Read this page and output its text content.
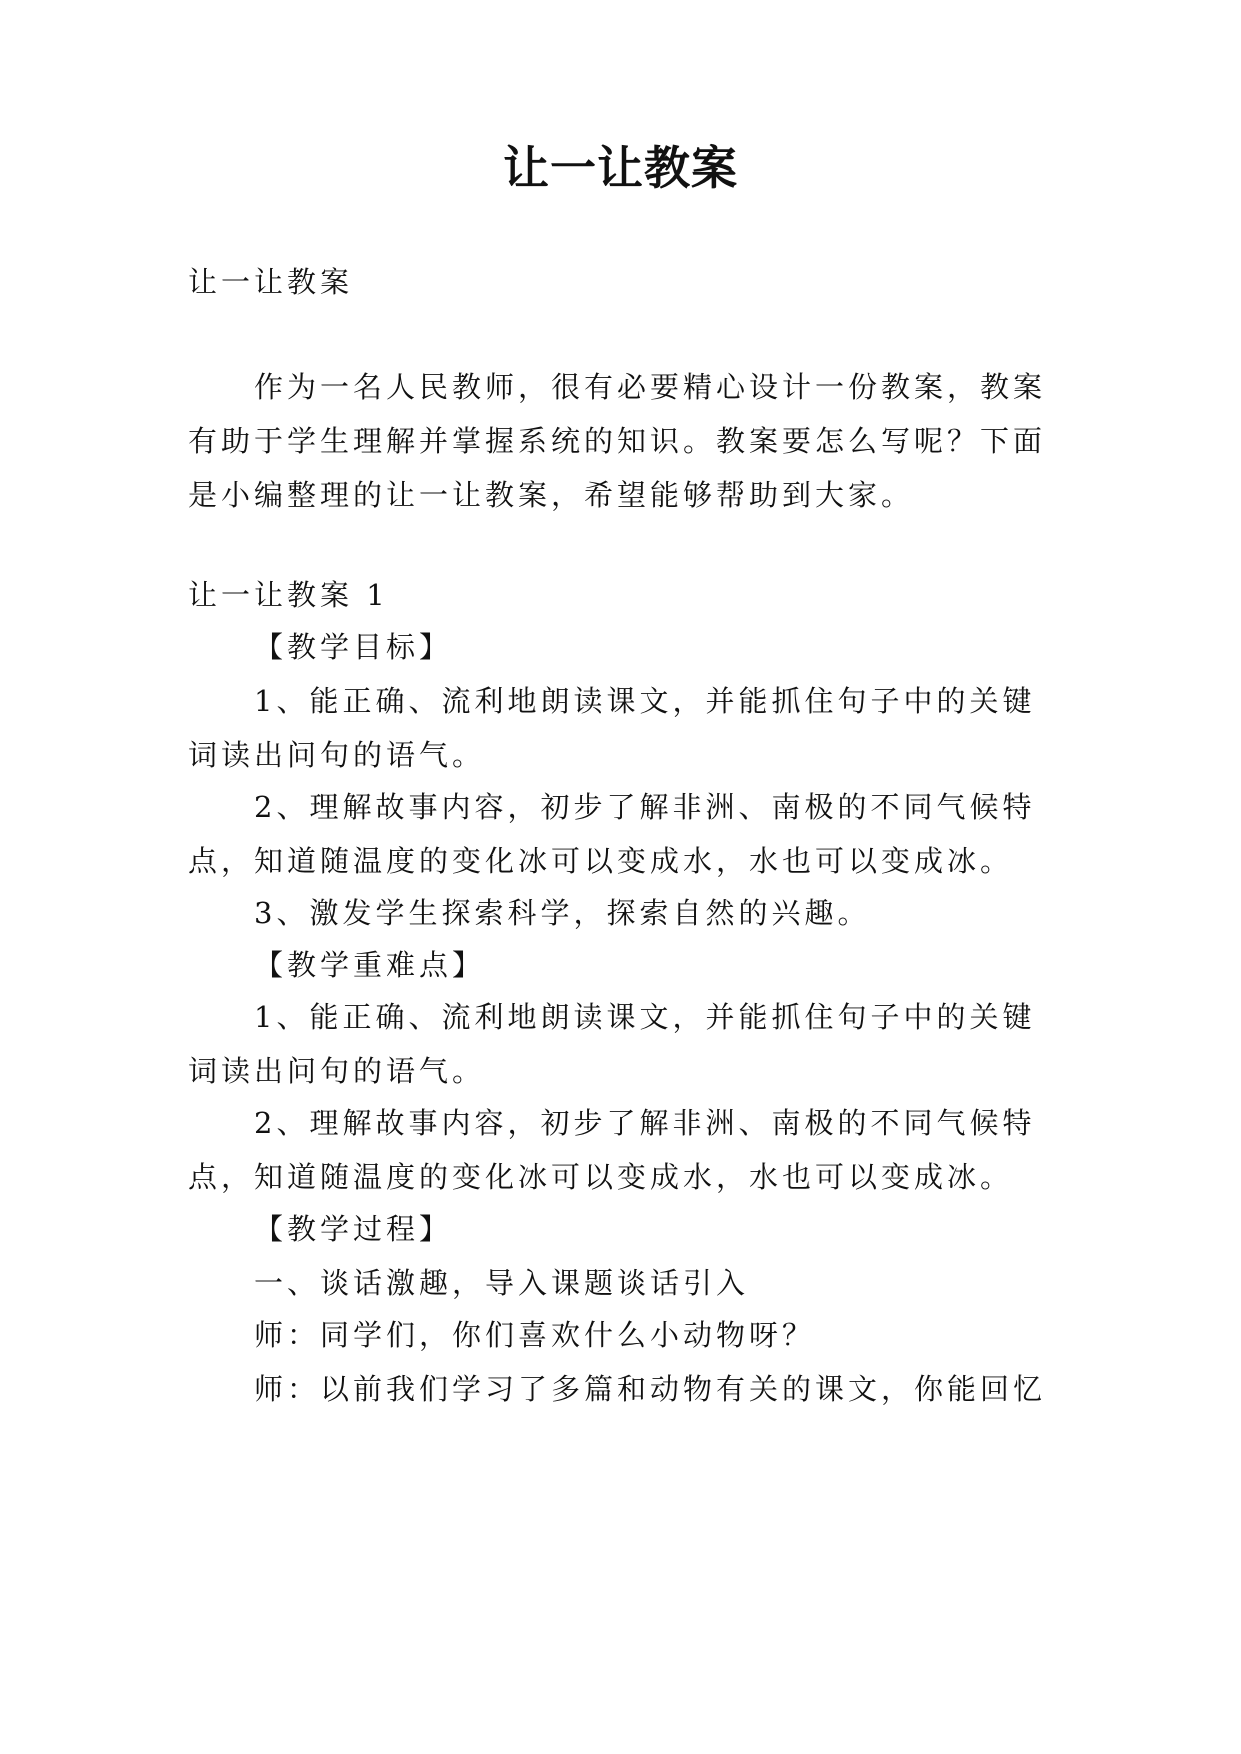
让一让教案
让一让教案
作为一名人民教师，很有必要精心设计一份教案，教案
有助于学生理解并掌握系统的知识。教案要怎么写呢？下面
是小编整理的让一让教案，希望能够帮助到大家。
让一让教案 1
【教学目标】
1、能正确、流利地朗读课文，并能抓住句子中的关键
词读出问句的语气。
2、理解故事内容，初步了解非洲、南极的不同气候特
点，知道随温度的变化冰可以变成水，水也可以变成冰。
3、激发学生探索科学，探索自然的兴趣。
【教学重难点】
1、能正确、流利地朗读课文，并能抓住句子中的关键
词读出问句的语气。
2、理解故事内容，初步了解非洲、南极的不同气候特
点，知道随温度的变化冰可以变成水，水也可以变成冰。
【教学过程】
一、谈话激趣，导入课题谈话引入
师：同学们，你们喜欢什么小动物呀？
师：以前我们学习了多篇和动物有关的课文，你能回忆
